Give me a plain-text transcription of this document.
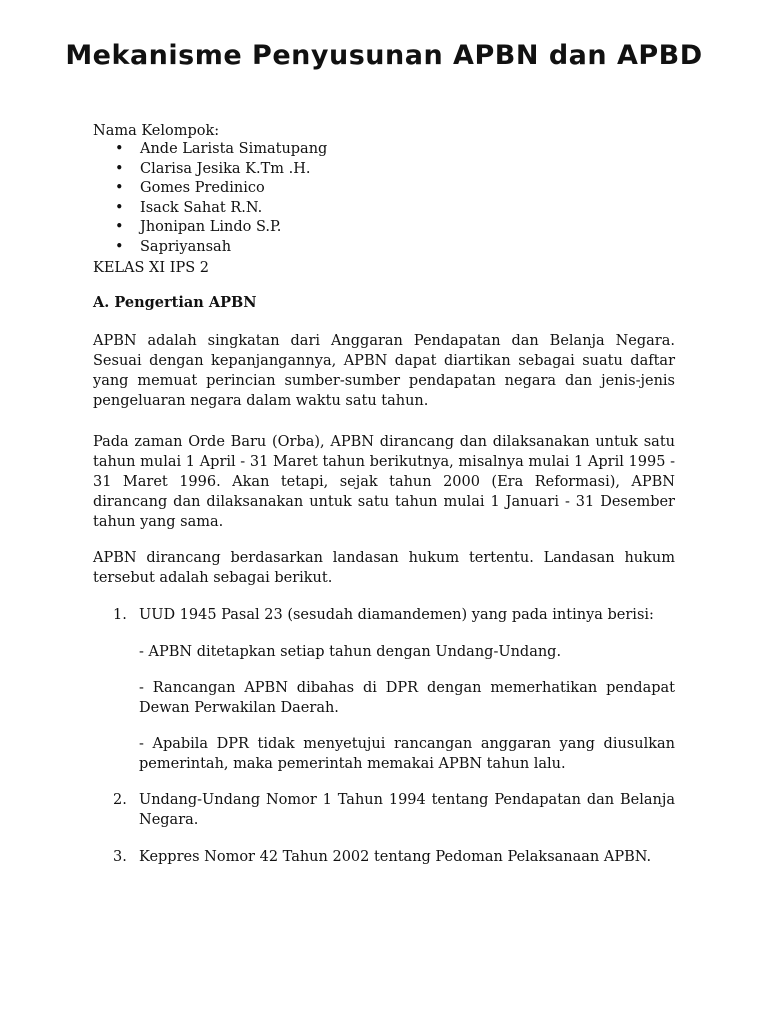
Mekanisme Penyusunan APBN dan APBD

Nama Kelompok:

• Ande Larista Simatupang
• Clarisa Jesika K.Tm .H.
• Gomes Predinico
• Isack Sahat R.N.
• Jhonipan Lindo S.P.
• Sapriyansah

KELAS XI IPS 2

A. Pengertian APBN

APBN adalah singkatan dari Anggaran Pendapatan dan Belanja Negara. Sesuai dengan kepanjangannya, APBN dapat diartikan sebagai suatu daftar yang memuat perincian sumber-sumber pendapatan negara dan jenis-jenis pengeluaran negara dalam waktu satu tahun.

Pada zaman Orde Baru (Orba), APBN dirancang dan dilaksanakan untuk satu tahun mulai 1 April - 31 Maret tahun berikutnya, misalnya mulai 1 April 1995 - 31 Maret 1996. Akan tetapi, sejak tahun 2000 (Era Reformasi), APBN dirancang dan dilaksanakan untuk satu tahun mulai 1 Januari - 31 Desember tahun yang sama.

APBN dirancang berdasarkan landasan hukum tertentu. Landasan hukum tersebut adalah sebagai berikut.

1. UUD 1945 Pasal 23 (sesudah diamandemen) yang pada intinya berisi:

- APBN ditetapkan setiap tahun dengan Undang-Undang.

- Rancangan APBN dibahas di DPR dengan memerhatikan pendapat Dewan Perwakilan Daerah.

- Apabila DPR tidak menyetujui rancangan anggaran yang diusulkan pemerintah, maka pemerintah memakai APBN tahun lalu.

2. Undang-Undang Nomor 1 Tahun 1994 tentang Pendapatan dan Belanja Negara.

3. Keppres Nomor 42 Tahun 2002 tentang Pedoman Pelaksanaan APBN.
